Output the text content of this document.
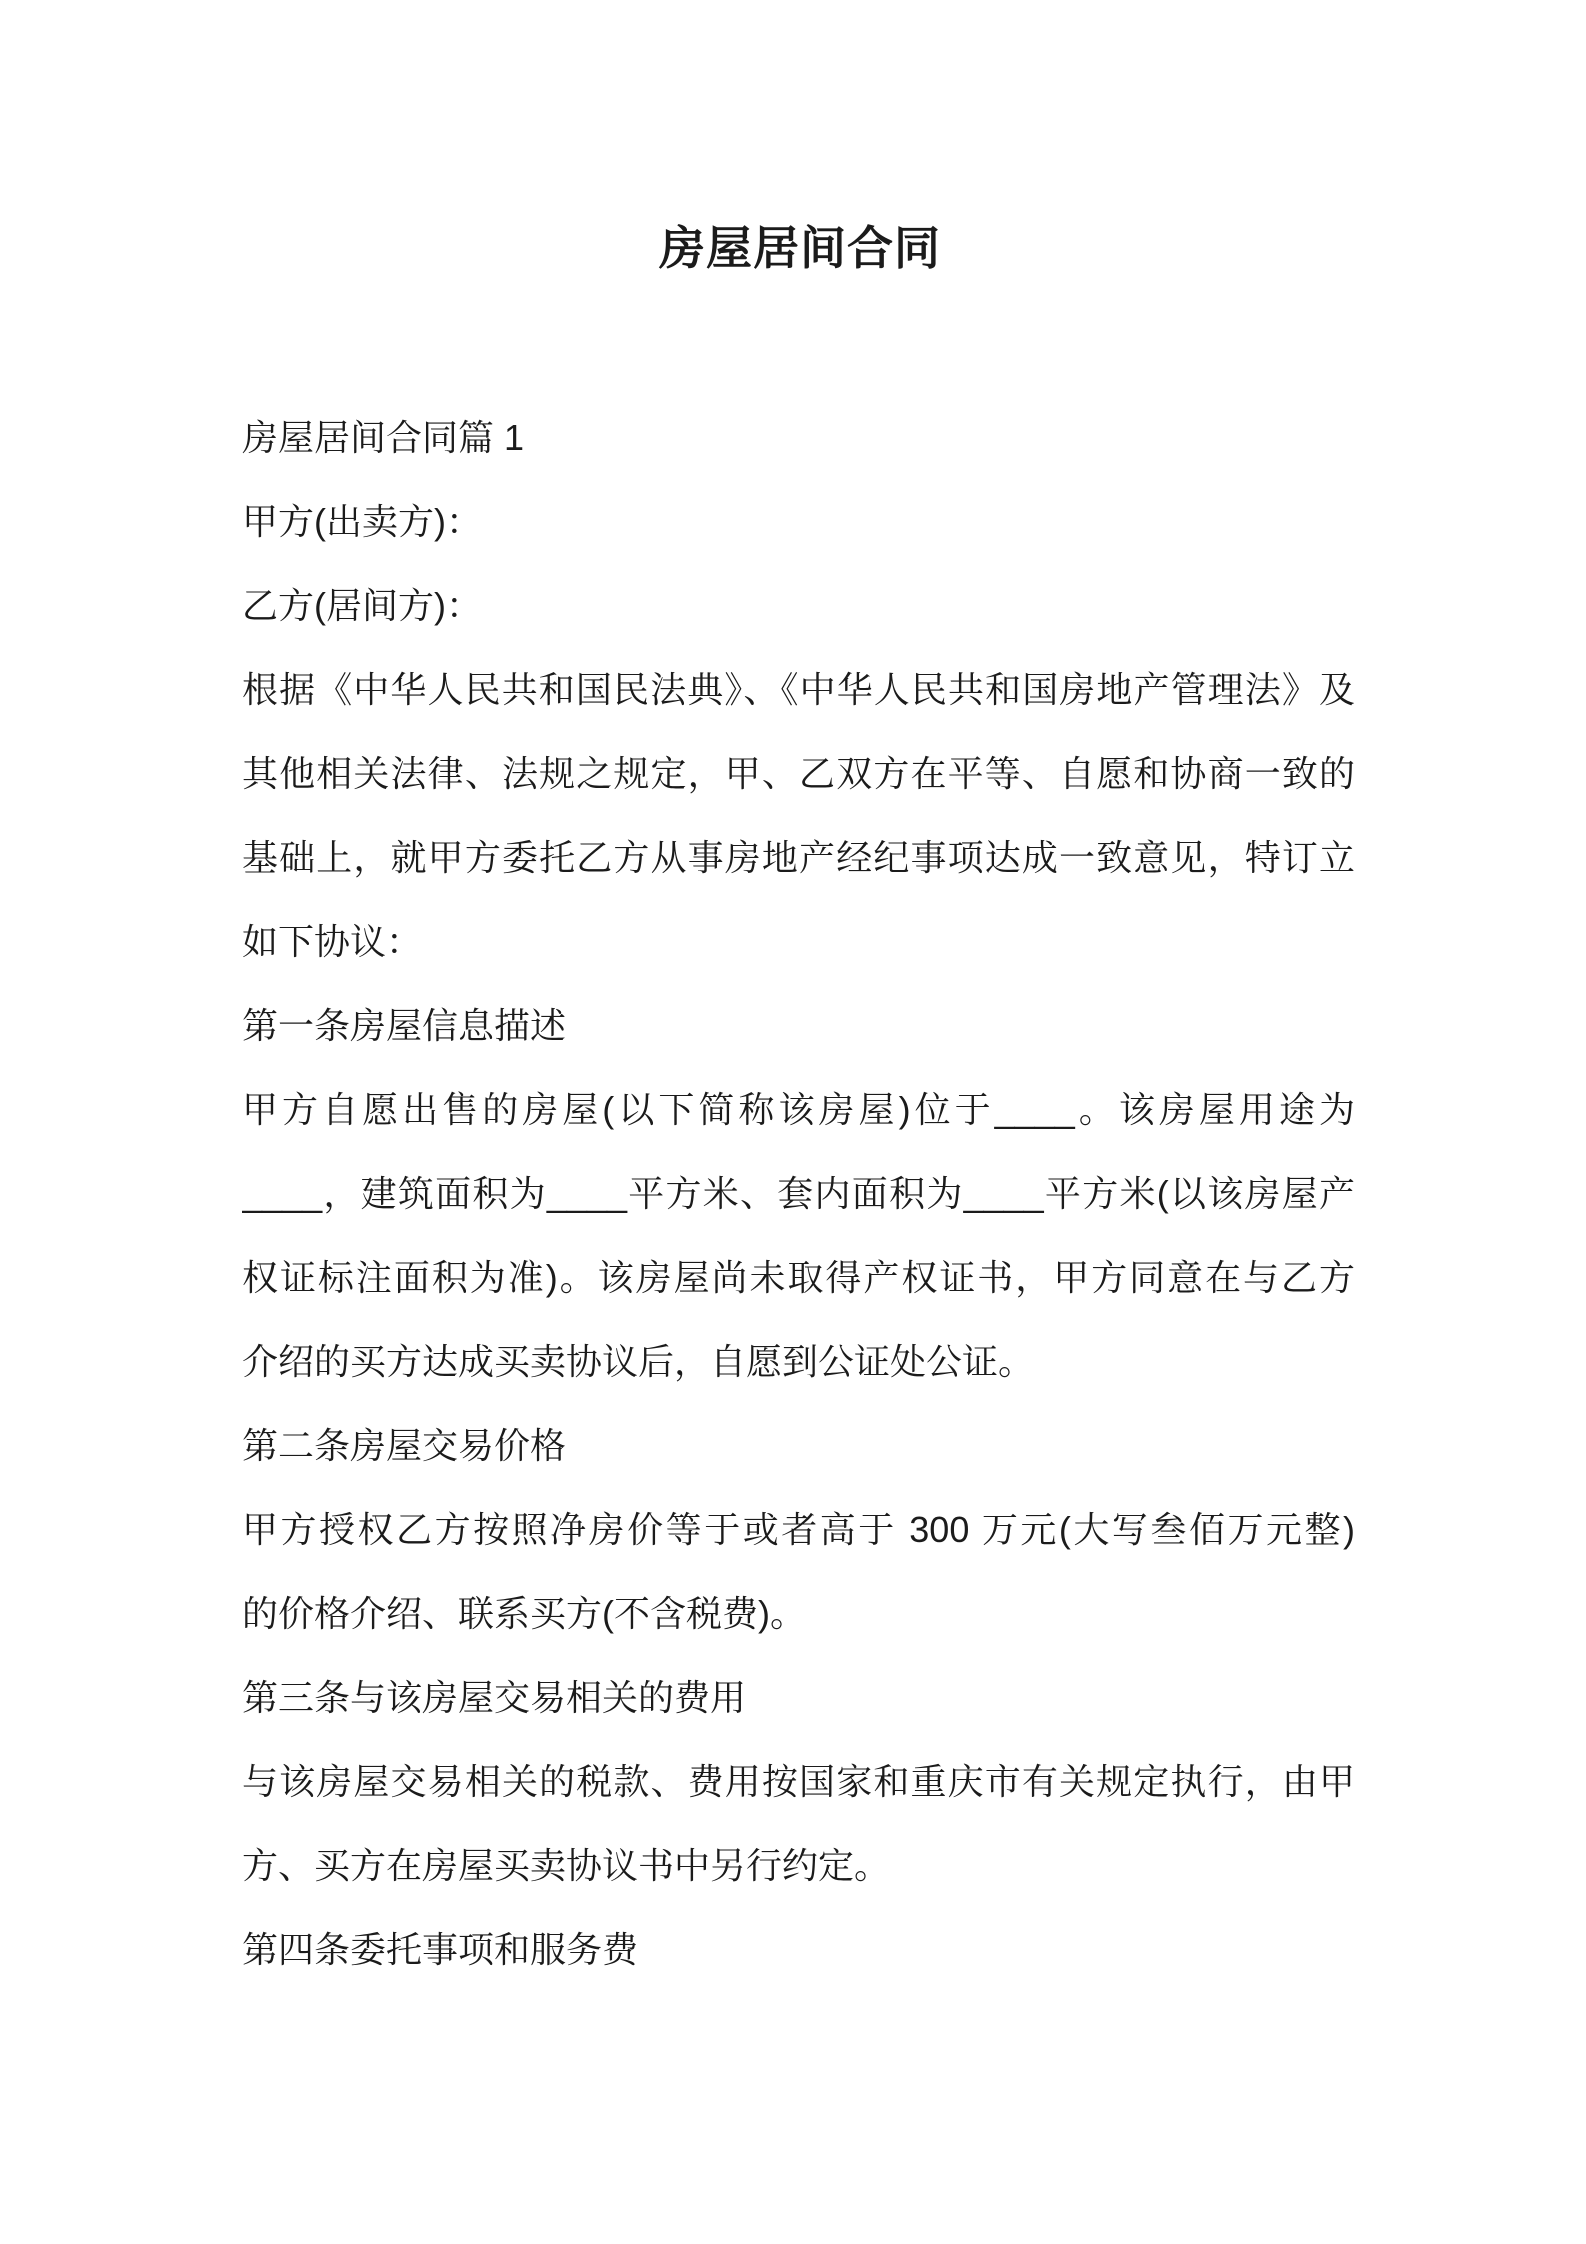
房屋居间合同
房屋居间合同篇 1
甲方(出卖方)：
乙方(居间方)：
根据《中华人民共和国民法典》、《中华人民共和国房地产管理法》及
其他相关法律、法规之规定，甲、乙双方在平等、自愿和协商一致的
基础上，就甲方委托乙方从事房地产经纪事项达成一致意见，特订立
如下协议：
第一条房屋信息描述
甲方自愿出售的房屋(以下简称该房屋)位于____。该房屋用途为
____，建筑面积为____平方米、套内面积为____平方米(以该房屋产
权证标注面积为准)。该房屋尚未取得产权证书，甲方同意在与乙方
介绍的买方达成买卖协议后，自愿到公证处公证。
第二条房屋交易价格
甲方授权乙方按照净房价等于或者高于 300 万元(大写叁佰万元整)
的价格介绍、联系买方(不含税费)。
第三条与该房屋交易相关的费用
与该房屋交易相关的税款、费用按国家和重庆市有关规定执行，由甲
方、买方在房屋买卖协议书中另行约定。
第四条委托事项和服务费
